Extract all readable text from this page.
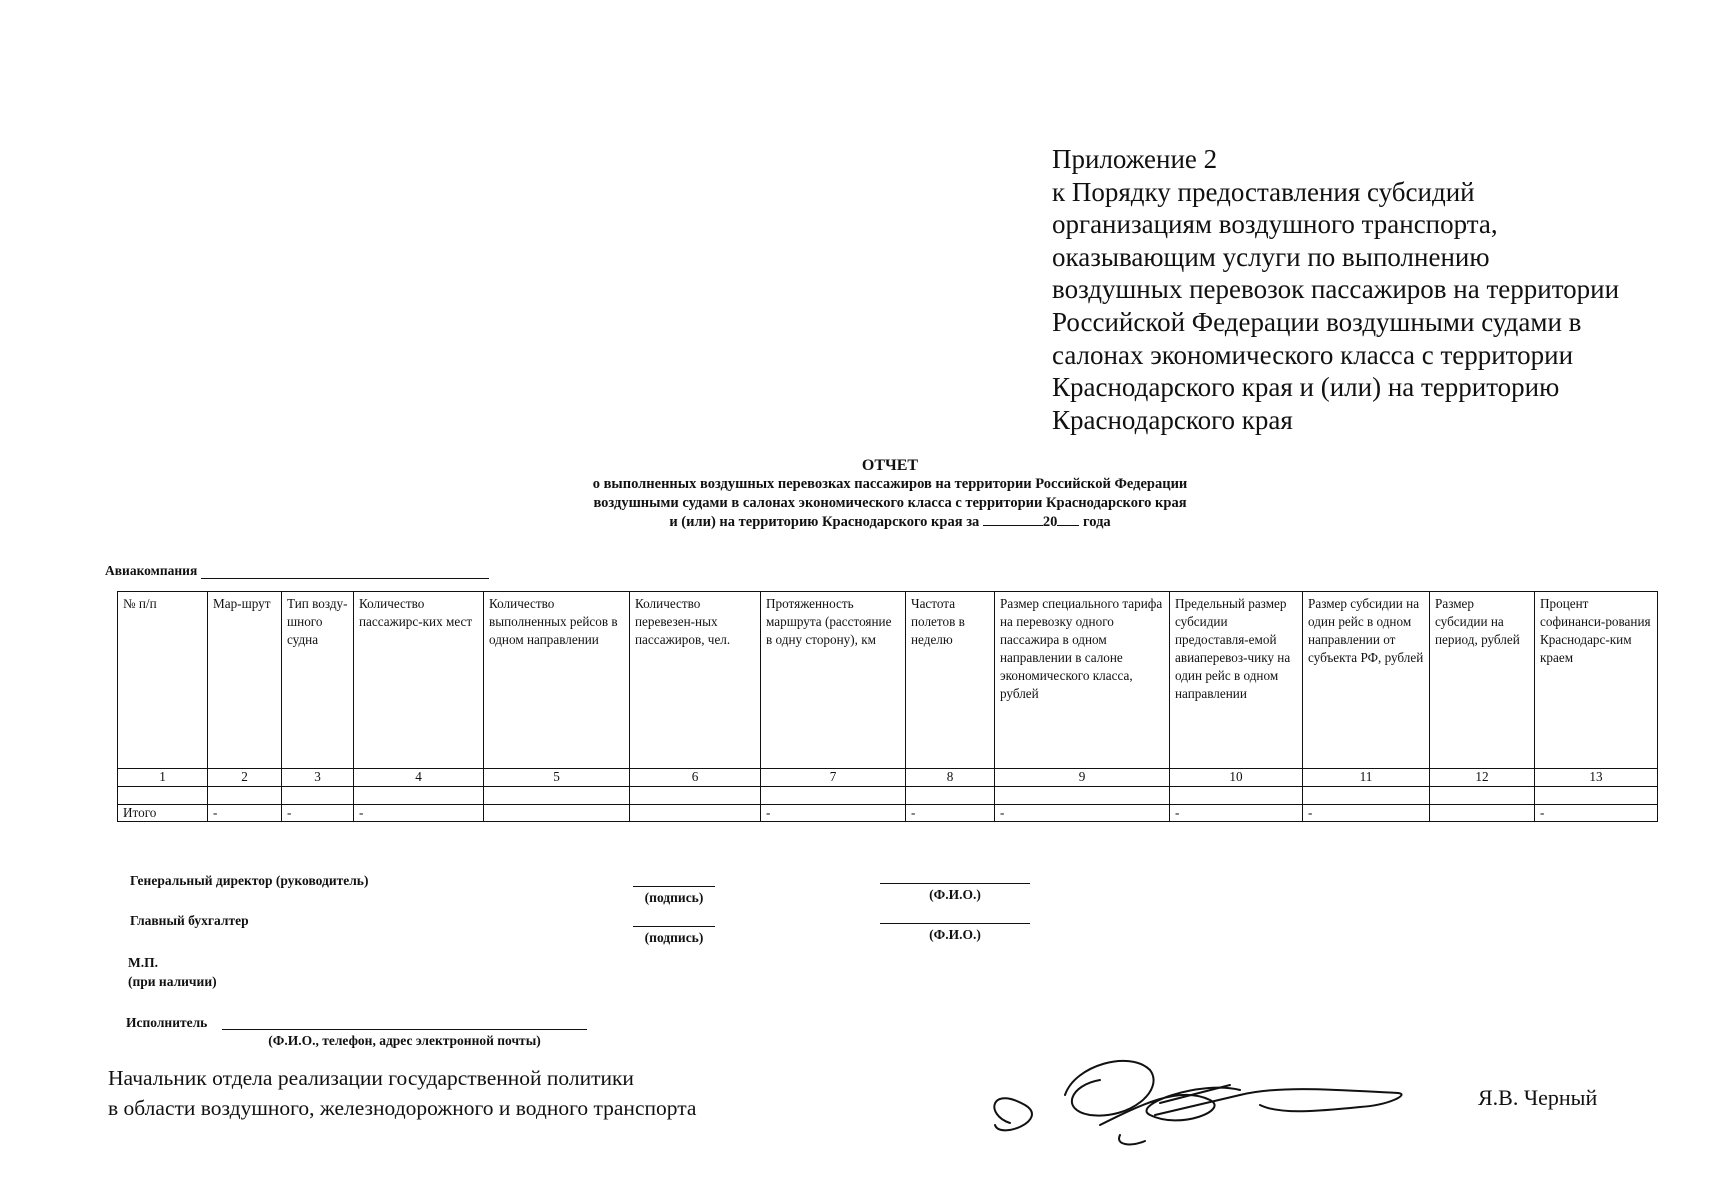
Приложение 2
к Порядку предоставления субсидий
организациям воздушного транспорта,
оказывающим услуги по выполнению
воздушных перевозок пассажиров на территории
Российской Федерации воздушными судами в
салонах экономического класса с территории
Краснодарского края и (или) на территорию
Краснодарского края
ОТЧЕТ
о выполненных воздушных перевозках пассажиров на территории Российской Федерации
воздушными судами в салонах экономического класса с территории Краснодарского края
и (или) на территорию Краснодарского края за	20 года
Авиакомпания
№ п/п	Мар-шрут	Тип возду-шного судна	Количество пассажирс-ких мест	Количество выполненных рейсов в одном направлении	Количество перевезен-ных пассажиров, чел.	Протяженность маршрута (расстояние в одну сторону), км	Частота полетов в неделю	Размер специального тарифа на перевозку одного пассажира в одном направлении в салоне экономического класса, рублей	Предельный размер субсидии предоставля-емой авиаперевоз-чику на один рейс в одном направлении	Размер субсидии на один рейс в одном направлении от субъекта РФ, рублей	Размер субсидии на период, рублей	Процент софинанси-рования Краснодарс-ким краем
1	2	3	4	5	6	7	8	9	10	11	12	13

Итого	-	-	-			-	-	-	-	-		-
Генеральный директор (руководитель)
(подпись)	(Ф.И.О.)
Главный бухгалтер
(подпись)	(Ф.И.О.)
М.П.
(при наличии)
Исполнитель
(Ф.И.О., телефон, адрес электронной почты)
Начальник отдела реализации государственной политики
в области воздушного, железнодорожного и водного транспорта	Я.В. Черный
